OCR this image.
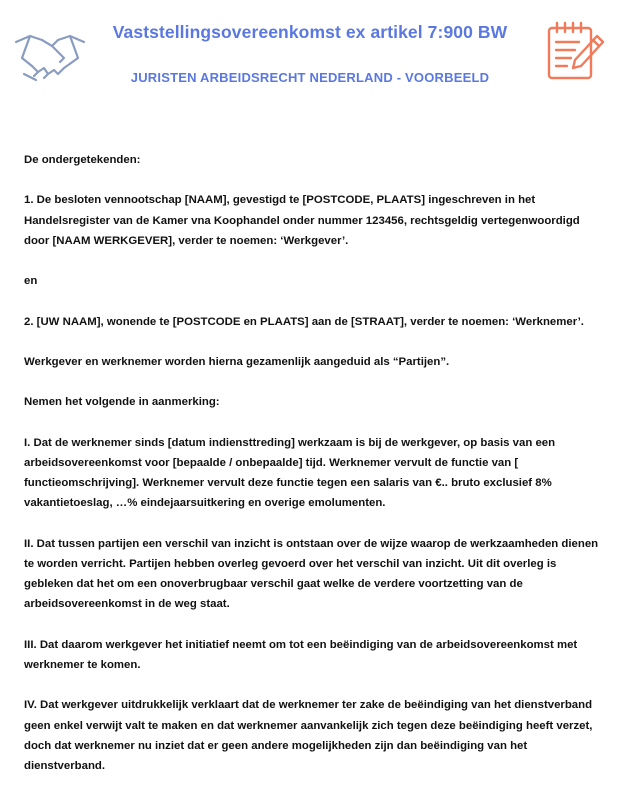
Vaststellingsovereenkomst ex artikel 7:900 BW
JURISTEN ARBEIDSRECHT NEDERLAND - VOORBEELD

De ondergetekenden:

1. De besloten vennootschap [NAAM], gevestigd te [POSTCODE, PLAATS] ingeschreven in het Handelsregister van de Kamer vna Koophandel onder nummer 123456, rechtsgeldig vertegenwoordigd door [NAAM WERKGEVER], verder te noemen: ‘Werkgever’.

en

2. [UW NAAM], wonende te [POSTCODE en PLAATS] aan de [STRAAT], verder te noemen: ‘Werknemer’.

Werkgever en werknemer worden hierna gezamenlijk aangeduid als “Partijen”.

Nemen het volgende in aanmerking:

I. Dat de werknemer sinds [datum indiensttreding] werkzaam is bij de werkgever, op basis van een arbeidsovereenkomst voor [bepaalde / onbepaalde] tijd. Werknemer vervult de functie van [ functieomschrijving]. Werknemer vervult deze functie tegen een salaris van €.. bruto exclusief 8% vakantietoeslag, …% eindejaarsuitkering en overige emolumenten.

II. Dat tussen partijen een verschil van inzicht is ontstaan over de wijze waarop de werkzaamheden dienen te worden verricht. Partijen hebben overleg gevoerd over het verschil van inzicht. Uit dit overleg is gebleken dat het om een onoverbrugbaar verschil gaat welke de verdere voortzetting van de arbeidsovereenkomst in de weg staat.

III. Dat daarom werkgever het initiatief neemt om tot een beëindiging van de arbeidsovereenkomst met werknemer te komen.

IV. Dat werkgever uitdrukkelijk verklaart dat de werknemer ter zake de beëindiging van het dienstverband geen enkel verwijt valt te maken en dat werknemer aanvankelijk zich tegen deze beëindiging heeft verzet, doch dat werknemer nu inziet dat er geen andere mogelijkheden zijn dan beëindiging van het dienstverband.
